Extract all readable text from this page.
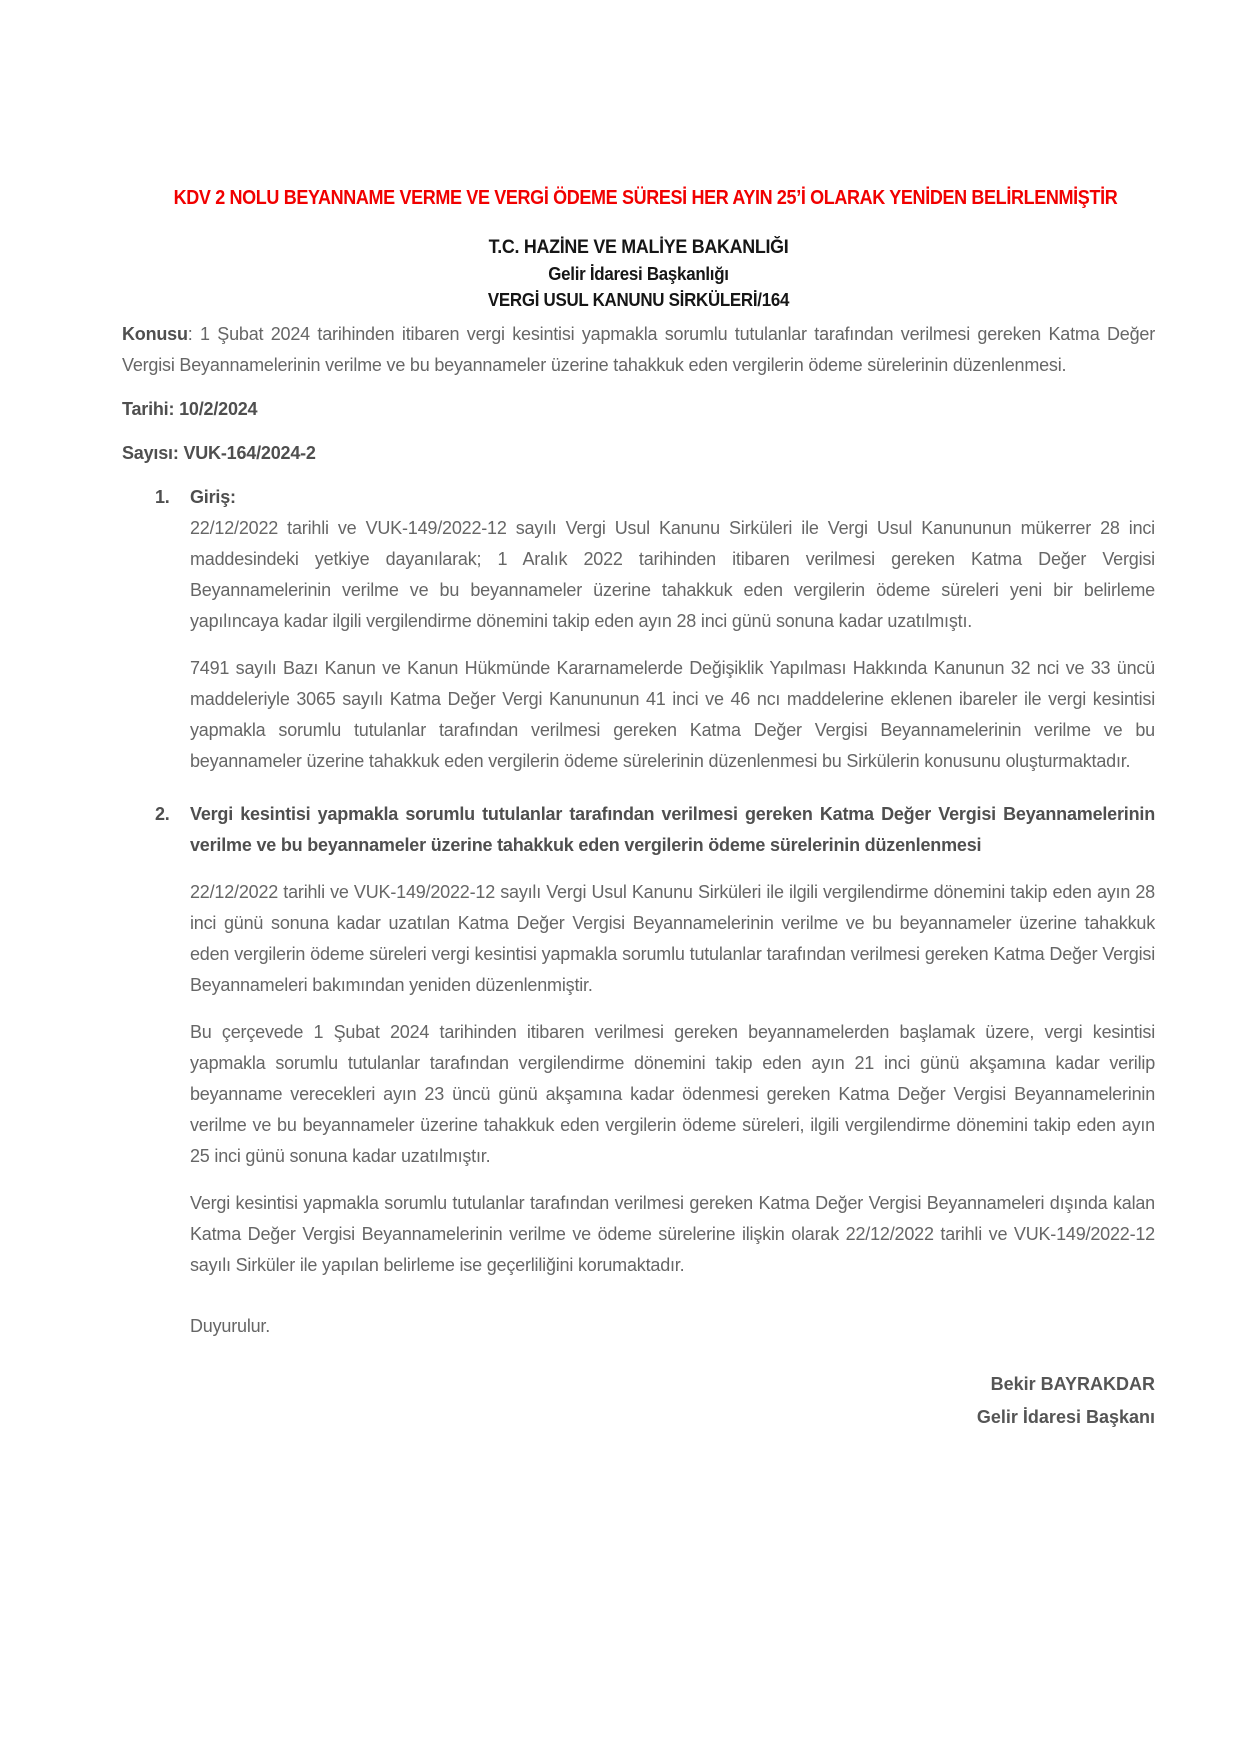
KDV 2 NOLU BEYANNAME VERME VE VERGİ ÖDEME SÜRESİ HER AYIN 25’İ OLARAK YENİDEN BELİRLENMİŞTİR
T.C. HAZİNE VE MALİYE BAKANLIĞI
Gelir İdaresi Başkanlığı
VERGİ USUL KANUNU SİRKÜLERİ/164

Konusu: 1 Şubat 2024 tarihinden itibaren vergi kesintisi yapmakla sorumlu tutulanlar tarafından verilmesi gereken Katma Değer Vergisi Beyannamelerinin verilme ve bu beyannameler üzerine tahakkuk eden vergilerin ödeme sürelerinin düzenlenmesi.

Tarihi: 10/2/2024

Sayısı: VUK-164/2024-2

1. Giriş:

22/12/2022 tarihli ve VUK-149/2022-12 sayılı Vergi Usul Kanunu Sirküleri ile Vergi Usul Kanununun mükerrer 28 inci maddesindeki yetkiye dayanılarak; 1 Aralık 2022 tarihinden itibaren verilmesi gereken Katma Değer Vergisi Beyannamelerinin verilme ve bu beyannameler üzerine tahakkuk eden vergilerin ödeme süreleri yeni bir belirleme yapılıncaya kadar ilgili vergilendirme dönemini takip eden ayın 28 inci günü sonuna kadar uzatılmıştı.

7491 sayılı Bazı Kanun ve Kanun Hükmünde Kararnamelerde Değişiklik Yapılması Hakkında Kanunun 32 nci ve 33 üncü maddeleriyle 3065 sayılı Katma Değer Vergi Kanununun 41 inci ve 46 ncı maddelerine eklenen ibareler ile vergi kesintisi yapmakla sorumlu tutulanlar tarafından verilmesi gereken Katma Değer Vergisi Beyannamelerinin verilme ve bu beyannameler üzerine tahakkuk eden vergilerin ödeme sürelerinin düzenlenmesi bu Sirkülerin konusunu oluşturmaktadır.

2. Vergi kesintisi yapmakla sorumlu tutulanlar tarafından verilmesi gereken Katma Değer Vergisi Beyannamelerinin verilme ve bu beyannameler üzerine tahakkuk eden vergilerin ödeme sürelerinin düzenlenmesi

22/12/2022 tarihli ve VUK-149/2022-12 sayılı Vergi Usul Kanunu Sirküleri ile ilgili vergilendirme dönemini takip eden ayın 28 inci günü sonuna kadar uzatılan Katma Değer Vergisi Beyannamelerinin verilme ve bu beyannameler üzerine tahakkuk eden vergilerin ödeme süreleri vergi kesintisi yapmakla sorumlu tutulanlar tarafından verilmesi gereken Katma Değer Vergisi Beyannameleri bakımından yeniden düzenlenmiştir.

Bu çerçevede 1 Şubat 2024 tarihinden itibaren verilmesi gereken beyannamelerden başlamak üzere, vergi kesintisi yapmakla sorumlu tutulanlar tarafından vergilendirme dönemini takip eden ayın 21 inci günü akşamına kadar verilip beyanname verecekleri ayın 23 üncü günü akşamına kadar ödenmesi gereken Katma Değer Vergisi Beyannamelerinin verilme ve bu beyannameler üzerine tahakkuk eden vergilerin ödeme süreleri, ilgili vergilendirme dönemini takip eden ayın 25 inci günü sonuna kadar uzatılmıştır.

Vergi kesintisi yapmakla sorumlu tutulanlar tarafından verilmesi gereken Katma Değer Vergisi Beyannameleri dışında kalan Katma Değer Vergisi Beyannamelerinin verilme ve ödeme sürelerine ilişkin olarak 22/12/2022 tarihli ve VUK-149/2022-12 sayılı Sirküler ile yapılan belirleme ise geçerliliğini korumaktadır.

Duyurulur.

Bekir BAYRAKDAR
Gelir İdaresi Başkanı
